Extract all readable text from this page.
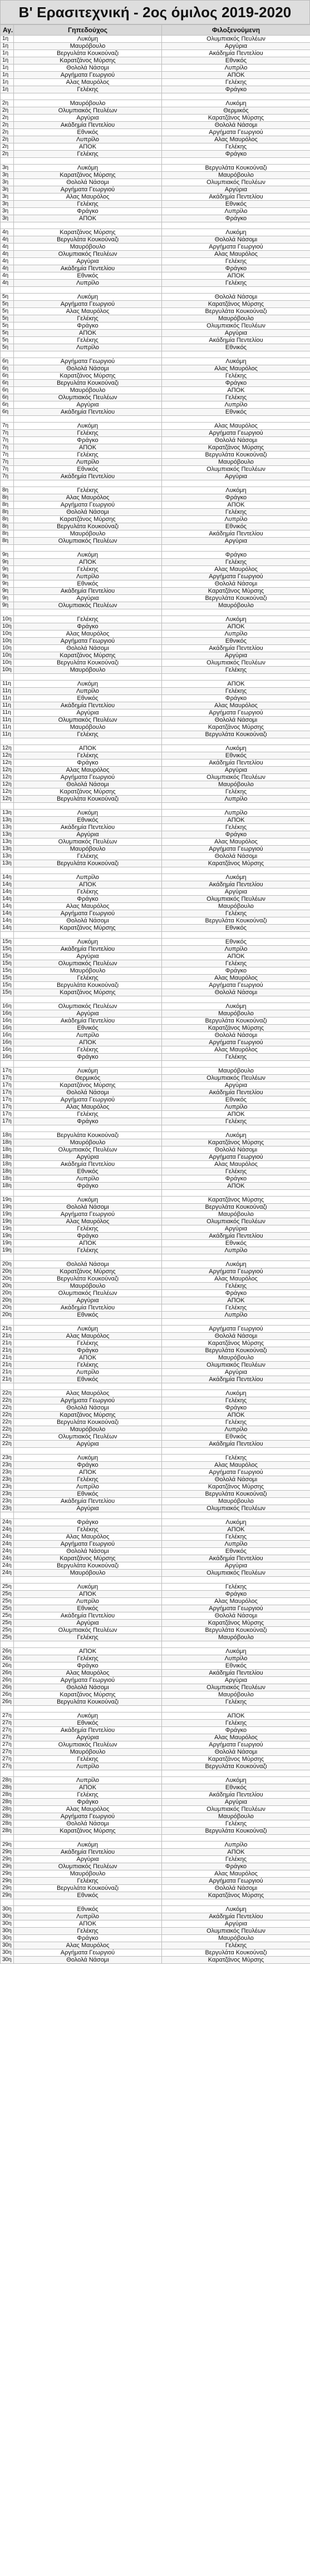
Β' Ερασιτεχνική - 2ος όμιλος 2019-2020
Αγ.	Γηπεδούχος	Φιλοξενούμενη
1η	Λυκόμη	Ολυμπιακός Πευλέων
1η	Μαυρόβουλο	Αργύρια
1η	Βεργυλάτα Κουκούναζι	Ακάδημία Πεντελίου
1η	Καρατζάνος Μύρσης	Εθνικός
1η	Θολολά Νάσομι	Λυπρίλο
1η	Αργήματα Γεωργιού	ΑΠΟΚ
1η	Αλας Μαυρόλος	Γελέκης
1η	Γελέκης	Φράγκο

2η	Μαυρόβουλο	Λυκόμη
2η	Ολυμπιακός Πευλέων	Θερμικός
2η	Αργύρια	Καρατζάνος Μύρσης
2η	Ακάδημία Πεντελίου	Θολολά Νάσομι
2η	Εθνικός	Αργήματα Γεωργιού
2η	Λυπρίλο	Αλας Μαυρόλος
2η	ΑΠΟΚ	Γελέκης
2η	Γελέκης	Φράγκο

3η	Λυκόμη	Βεργυλάτα Κουκούναζι
3η	Καρατζάνος Μύρσης	Μαυρόβουλο
3η	Θολολά Νάσομι	Ολυμπιακός Πευλέων
3η	Αργήματα Γεωργιού	Αργύρια
3η	Αλας Μαυρόλος	Ακάδημία Πεντελίου
3η	Γελέκης	Εθνικός
3η	Φράγκο	Λυπρίλο
3η	ΑΠΟΚ	Φράγκο

4η	Καρατζάνος Μύρσης	Λυκόμη
4η	Βεργυλάτα Κουκούναζι	Θολολά Νάσομι
4η	Μαυρόβουλο	Αργήματα Γεωργιού
4η	Ολυμπιακός Πευλέων	Αλας Μαυρόλος
4η	Αργύρια	Γελέκης
4η	Ακάδημία Πεντελίου	Φράγκο
4η	Εθνικός	ΑΠΟΚ
4η	Λυπρίλο	Γελέκης

5η	Λυκόμη	Θολολά Νάσομι
5η	Αργήματα Γεωργιού	Καρατζάνος Μύρσης
5η	Αλας Μαυρόλος	Βεργυλάτα Κουκούναζι
5η	Γελέκης	Μαυρόβουλο
5η	Φράγκο	Ολυμπιακός Πευλέων
5η	ΑΠΟΚ	Αργύρια
5η	Γελέκης	Ακάδημία Πεντελίου
5η	Λυπρίλο	Εθνικός

6η	Αργήματα Γεωργιού	Λυκόμη
6η	Θολολά Νάσομι	Αλας Μαυρόλος
6η	Καρατζάνος Μύρσης	Γελέκης
6η	Βεργυλάτα Κουκούναζι	Φράγκο
6η	Μαυρόβουλο	ΑΠΟΚ
6η	Ολυμπιακός Πευλέων	Γελέκης
6η	Αργύρια	Λυπρίλο
6η	Ακάδημία Πεντελίου	Εθνικός

7η	Λυκόμη	Αλας Μαυρόλος
7η	Γελέκης	Αργήματα Γεωργιού
7η	Φράγκο	Θολολά Νάσομι
7η	ΑΠΟΚ	Καρατζάνος Μύρσης
7η	Γελέκης	Βεργυλάτα Κουκούναζι
7η	Λυπρίλο	Μαυρόβουλο
7η	Εθνικός	Ολυμπιακός Πευλέων
7η	Ακάδημία Πεντελίου	Αργύρια

8η	Γελέκης	Λυκόμη
8η	Αλας Μαυρόλος	Φράγκο
8η	Αργήματα Γεωργιού	ΑΠΟΚ
8η	Θολολά Νάσομι	Γελέκης
8η	Καρατζάνος Μύρσης	Λυπρίλο
8η	Βεργυλάτα Κουκούναζι	Εθνικός
8η	Μαυρόβουλο	Ακάδημία Πεντελίου
8η	Ολυμπιακός Πευλέων	Αργύρια

9η	Λυκόμη	Φράγκο
9η	ΑΠΟΚ	Γελέκης
9η	Γελέκης	Αλας Μαυρόλος
9η	Λυπρίλο	Αργήματα Γεωργιού
9η	Εθνικός	Θολολά Νάσομι
9η	Ακάδημία Πεντελίου	Καρατζάνος Μύρσης
9η	Αργύρια	Βεργυλάτα Κουκούναζι
9η	Ολυμπιακός Πευλέων	Μαυρόβουλο

10η	Γελέκης	Λυκόμη
10η	Φράγκο	ΑΠΟΚ
10η	Αλας Μαυρόλος	Λυπρίλο
10η	Αργήματα Γεωργιού	Εθνικός
10η	Θολολά Νάσομι	Ακάδημία Πεντελίου
10η	Καρατζάνος Μύρσης	Αργύρια
10η	Βεργυλάτα Κουκούναζι	Ολυμπιακός Πευλέων
10η	Μαυρόβουλο	Γελέκης

11η	Λυκόμη	ΑΠΟΚ
11η	Λυπρίλο	Γελέκης
11η	Εθνικός	Φράγκο
11η	Ακάδημία Πεντελίου	Αλας Μαυρόλος
11η	Αργύρια	Αργήματα Γεωργιού
11η	Ολυμπιακός Πευλέων	Θολολά Νάσομι
11η	Μαυρόβουλο	Καρατζάνος Μύρσης
11η	Γελέκης	Βεργυλάτα Κουκούναζι

12η	ΑΠΟΚ	Λυκόμη
12η	Γελέκης	Εθνικός
12η	Φράγκο	Ακάδημία Πεντελίου
12η	Αλας Μαυρόλος	Αργύρια
12η	Αργήματα Γεωργιού	Ολυμπιακός Πευλέων
12η	Θολολά Νάσομι	Μαυρόβουλο
12η	Καρατζάνος Μύρσης	Γελέκης
12η	Βεργυλάτα Κουκούναζι	Λυπρίλο

13η	Λυκόμη	Λυπρίλο
13η	Εθνικός	ΑΠΟΚ
13η	Ακάδημία Πεντελίου	Γελέκης
13η	Αργύρια	Φράγκο
13η	Ολυμπιακός Πευλέων	Αλας Μαυρόλος
13η	Μαυρόβουλο	Αργήματα Γεωργιού
13η	Γελέκης	Θολολά Νάσομι
13η	Βεργυλάτα Κουκούναζι	Καρατζάνος Μύρσης

14η	Λυπρίλο	Λυκόμη
14η	ΑΠΟΚ	Ακάδημία Πεντελίου
14η	Γελέκης	Αργύρια
14η	Φράγκο	Ολυμπιακός Πευλέων
14η	Αλας Μαυρόλος	Μαυρόβουλο
14η	Αργήματα Γεωργιού	Γελέκης
14η	Θολολά Νάσομι	Βεργυλάτα Κουκούναζι
14η	Καρατζάνος Μύρσης	Εθνικός

15η	Λυκόμη	Εθνικός
15η	Ακάδημία Πεντελίου	Λυπρίλο
15η	Αργύρια	ΑΠΟΚ
15η	Ολυμπιακός Πευλέων	Γελέκης
15η	Μαυρόβουλο	Φράγκο
15η	Γελέκης	Αλας Μαυρόλος
15η	Βεργυλάτα Κουκούναζι	Αργήματα Γεωργιού
15η	Καρατζάνος Μύρσης	Θολολά Νάσομι

16η	Ολυμπιακός Πευλέων	Λυκόμη
16η	Αργύρια	Μαυρόβουλο
16η	Ακάδημία Πεντελίου	Βεργυλάτα Κουκούναζι
16η	Εθνικός	Καρατζάνος Μύρσης
16η	Λυπρίλο	Θολολά Νάσομι
16η	ΑΠΟΚ	Αργήματα Γεωργιού
16η	Γελέκης	Αλας Μαυρόλος
16η	Φράγκο	Γελέκης

17η	Λυκόμη	Μαυρόβουλο
17η	Θερμικός	Ολυμπιακός Πευλέων
17η	Καρατζάνος Μύρσης	Αργύρια
17η	Θολολά Νάσομι	Ακάδημία Πεντελίου
17η	Αργήματα Γεωργιού	Εθνικός
17η	Αλας Μαυρόλος	Λυπρίλο
17η	Γελέκης	ΑΠΟΚ
17η	Φράγκο	Γελέκης

18η	Βεργυλάτα Κουκούναζι	Λυκόμη
18η	Μαυρόβουλο	Καρατζάνος Μύρσης
18η	Ολυμπιακός Πευλέων	Θολολά Νάσομι
18η	Αργύρια	Αργήματα Γεωργιού
18η	Ακάδημία Πεντελίου	Αλας Μαυρόλος
18η	Εθνικός	Γελέκης
18η	Λυπρίλο	Φράγκο
18η	Φράγκο	ΑΠΟΚ

19η	Λυκόμη	Καρατζάνος Μύρσης
19η	Θολολά Νάσομι	Βεργυλάτα Κουκούναζι
19η	Αργήματα Γεωργιού	Μαυρόβουλο
19η	Αλας Μαυρόλος	Ολυμπιακός Πευλέων
19η	Γελέκης	Αργύρια
19η	Φράγκο	Ακάδημία Πεντελίου
19η	ΑΠΟΚ	Εθνικός
19η	Γελέκης	Λυπρίλο

20η	Θολολά Νάσομι	Λυκόμη
20η	Καρατζάνος Μύρσης	Αργήματα Γεωργιού
20η	Βεργυλάτα Κουκούναζι	Αλας Μαυρόλος
20η	Μαυρόβουλο	Γελέκης
20η	Ολυμπιακός Πευλέων	Φράγκο
20η	Αργύρια	ΑΠΟΚ
20η	Ακάδημία Πεντελίου	Γελέκης
20η	Εθνικός	Λυπρίλο

21η	Λυκόμη	Αργήματα Γεωργιού
21η	Αλας Μαυρόλος	Θολολά Νάσομι
21η	Γελέκης	Καρατζάνος Μύρσης
21η	Φράγκο	Βεργυλάτα Κουκούναζι
21η	ΑΠΟΚ	Μαυρόβουλο
21η	Γελέκης	Ολυμπιακός Πευλέων
21η	Λυπρίλο	Αργύρια
21η	Εθνικός	Ακάδημία Πεντελίου

22η	Αλας Μαυρόλος	Λυκόμη
22η	Αργήματα Γεωργιού	Γελέκης
22η	Θολολά Νάσομι	Φράγκο
22η	Καρατζάνος Μύρσης	ΑΠΟΚ
22η	Βεργυλάτα Κουκούναζι	Γελέκης
22η	Μαυρόβουλο	Λυπρίλο
22η	Ολυμπιακός Πευλέων	Εθνικός
22η	Αργύρια	Ακάδημία Πεντελίου

23η	Λυκόμη	Γελέκης
23η	Φράγκο	Αλας Μαυρόλος
23η	ΑΠΟΚ	Αργήματα Γεωργιού
23η	Γελέκης	Θολολά Νάσομι
23η	Λυπρίλο	Καρατζάνος Μύρσης
23η	Εθνικός	Βεργυλάτα Κουκούναζι
23η	Ακάδημία Πεντελίου	Μαυρόβουλο
23η	Αργύρια	Ολυμπιακός Πευλέων

24η	Φράγκο	Λυκόμη
24η	Γελέκης	ΑΠΟΚ
24η	Αλας Μαυρόλος	Γελέκης
24η	Αργήματα Γεωργιού	Λυπρίλο
24η	Θολολά Νάσομι	Εθνικός
24η	Καρατζάνος Μύρσης	Ακάδημία Πεντελίου
24η	Βεργυλάτα Κουκούναζι	Αργύρια
24η	Μαυρόβουλο	Ολυμπιακός Πευλέων

25η	Λυκόμη	Γελέκης
25η	ΑΠΟΚ	Φράγκο
25η	Λυπρίλο	Αλας Μαυρόλος
25η	Εθνικός	Αργήματα Γεωργιού
25η	Ακάδημία Πεντελίου	Θολολά Νάσομι
25η	Αργύρια	Καρατζάνος Μύρσης
25η	Ολυμπιακός Πευλέων	Βεργυλάτα Κουκούναζι
25η	Γελέκης	Μαυρόβουλο

26η	ΑΠΟΚ	Λυκόμη
26η	Γελέκης	Λυπρίλο
26η	Φράγκο	Εθνικός
26η	Αλας Μαυρόλος	Ακάδημία Πεντελίου
26η	Αργήματα Γεωργιού	Αργύρια
26η	Θολολά Νάσομι	Ολυμπιακός Πευλέων
26η	Καρατζάνος Μύρσης	Μαυρόβουλο
26η	Βεργυλάτα Κουκούναζι	Γελέκης

27η	Λυκόμη	ΑΠΟΚ
27η	Εθνικός	Γελέκης
27η	Ακάδημία Πεντελίου	Φράγκο
27η	Αργύρια	Αλας Μαυρόλος
27η	Ολυμπιακός Πευλέων	Αργήματα Γεωργιού
27η	Μαυρόβουλο	Θολολά Νάσομι
27η	Γελέκης	Καρατζάνος Μύρσης
27η	Λυπρίλο	Βεργυλάτα Κουκούναζι

28η	Λυπρίλο	Λυκόμη
28η	ΑΠΟΚ	Εθνικός
28η	Γελέκης	Ακάδημία Πεντελίου
28η	Φράγκο	Αργύρια
28η	Αλας Μαυρόλος	Ολυμπιακός Πευλέων
28η	Αργήματα Γεωργιού	Μαυρόβουλο
28η	Θολολά Νάσομι	Γελέκης
28η	Καρατζάνος Μύρσης	Βεργυλάτα Κουκούναζι

29η	Λυκόμη	Λυπρίλο
29η	Ακάδημία Πεντελίου	ΑΠΟΚ
29η	Αργύρια	Γελέκης
29η	Ολυμπιακός Πευλέων	Φράγκο
29η	Μαυρόβουλο	Αλας Μαυρόλος
29η	Γελέκης	Αργήματα Γεωργιού
29η	Βεργυλάτα Κουκούναζι	Θολολά Νάσομι
29η	Εθνικός	Καρατζάνος Μύρσης

30η	Εθνικός	Λυκόμη
30η	Λυπρίλο	Ακάδημία Πεντελίου
30η	ΑΠΟΚ	Αργύρια
30η	Γελέκης	Ολυμπιακός Πευλέων
30η	Φράγκο	Μαυρόβουλο
30η	Αλας Μαυρόλος	Γελέκης
30η	Αργήματα Γεωργιού	Βεργυλάτα Κουκούναζι
30η	Θολολά Νάσομι	Καρατζάνος Μύρσης
